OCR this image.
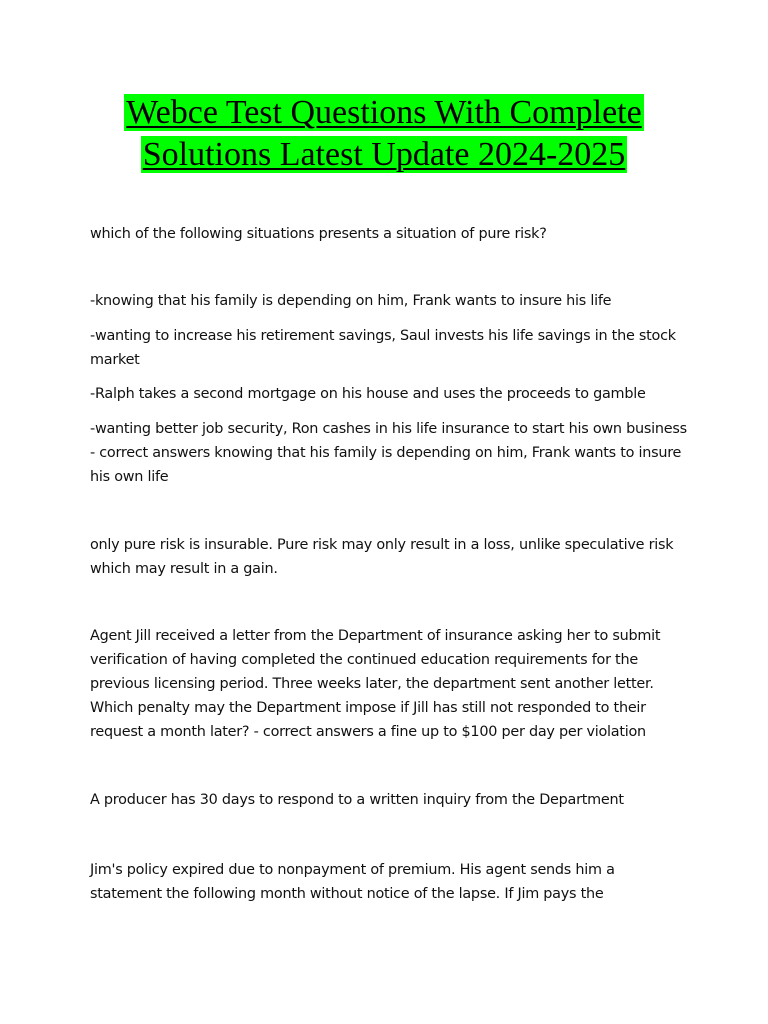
Webce Test Questions With Complete
Solutions Latest Update 2024-2025
which of the following situations presents a situation of pure risk?
-knowing that his family is depending on him, Frank wants to insure his life
-wanting to increase his retirement savings, Saul invests his life savings in the stock market
-Ralph takes a second mortgage on his house and uses the proceeds to gamble
-wanting better job security, Ron cashes in his life insurance to start his own business - correct answers knowing that his family is depending on him, Frank wants to insure his own life
only pure risk is insurable. Pure risk may only result in a loss, unlike speculative risk which may result in a gain.
Agent Jill received a letter from the Department of insurance asking her to submit verification of having completed the continued education requirements for the previous licensing period. Three weeks later, the department sent another letter. Which penalty may the Department impose if Jill has still not responded to their request a month later? - correct answers a fine up to $100 per day per violation
A producer has 30 days to respond to a written inquiry from the Department
Jim's policy expired due to nonpayment of premium. His agent sends him a statement the following month without notice of the lapse. If Jim pays the
